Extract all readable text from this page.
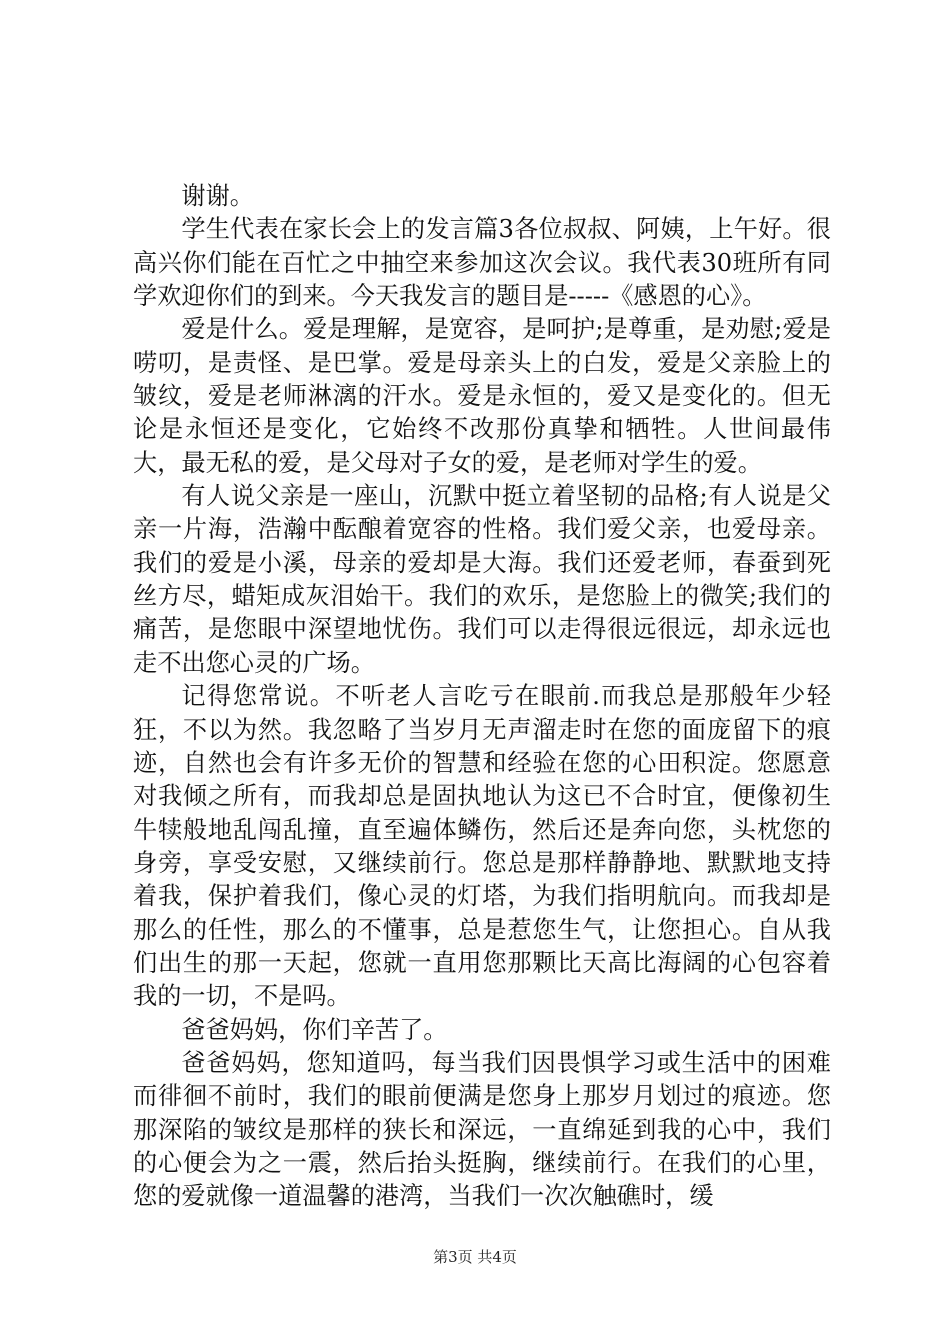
谢谢。

学生代表在家长会上的发言篇3各位叔叔、阿姨，上午好。很高兴你们能在百忙之中抽空来参加这次会议。我代表30班所有同学欢迎你们的到来。今天我发言的题目是-----《感恩的心》。

爱是什么。爱是理解，是宽容，是呵护;是尊重，是劝慰;爱是唠叨，是责怪、是巴掌。爱是母亲头上的白发，爱是父亲脸上的皱纹，爱是老师淋漓的汗水。爱是永恒的，爱又是变化的。但无论是永恒还是变化，它始终不改那份真挚和牺牲。人世间最伟大，最无私的爱，是父母对子女的爱，是老师对学生的爱。

有人说父亲是一座山，沉默中挺立着坚韧的品格;有人说是父亲一片海，浩瀚中酝酿着宽容的性格。我们爱父亲，也爱母亲。我们的爱是小溪，母亲的爱却是大海。我们还爱老师，春蚕到死丝方尽，蜡矩成灰泪始干。我们的欢乐，是您脸上的微笑;我们的痛苦，是您眼中深望地忧伤。我们可以走得很远很远，却永远也走不出您心灵的广场。

记得您常说。不听老人言吃亏在眼前.而我总是那般年少轻狂，不以为然。我忽略了当岁月无声溜走时在您的面庞留下的痕迹，自然也会有许多无价的智慧和经验在您的心田积淀。您愿意对我倾之所有，而我却总是固执地认为这已不合时宜，便像初生牛犊般地乱闯乱撞，直至遍体鳞伤，然后还是奔向您，头枕您的身旁，享受安慰，又继续前行。您总是那样静静地、默默地支持着我，保护着我们，像心灵的灯塔，为我们指明航向。而我却是那么的任性，那么的不懂事，总是惹您生气，让您担心。自从我们出生的那一天起，您就一直用您那颗比天高比海阔的心包容着我的一切，不是吗。

爸爸妈妈，你们辛苦了。

爸爸妈妈，您知道吗，每当我们因畏惧学习或生活中的困难而徘徊不前时，我们的眼前便满是您身上那岁月划过的痕迹。您那深陷的皱纹是那样的狭长和深远，一直绵延到我的心中，我们的心便会为之一震，然后抬头挺胸，继续前行。在我们的心里，您的爱就像一道温馨的港湾，当我们一次次触礁时，缓

第3页 共4页
